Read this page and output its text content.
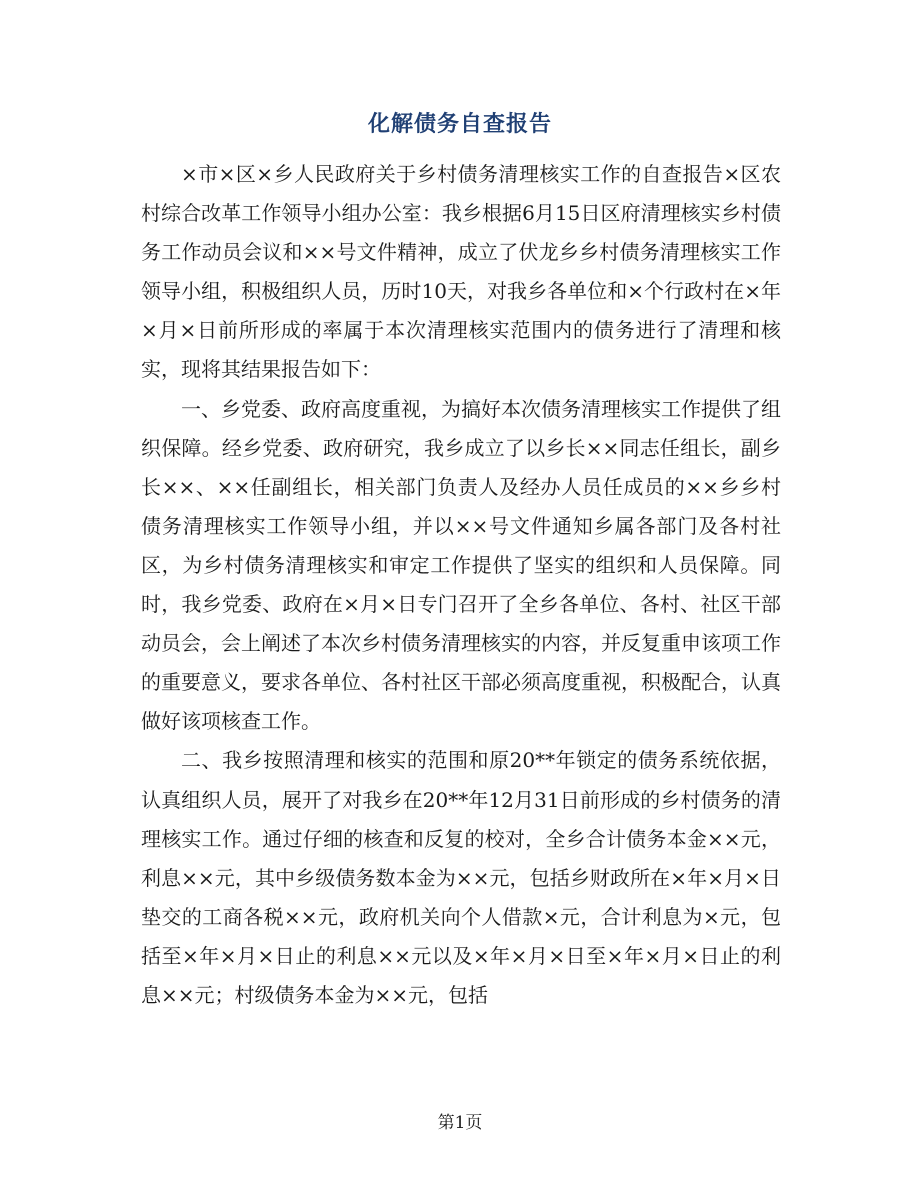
化解债务自查报告

×市×区×乡人民政府关于乡村债务清理核实工作的自查报告×区农村综合改革工作领导小组办公室：我乡根据6月15日区府清理核实乡村债务工作动员会议和××号文件精神，成立了伏龙乡乡村债务清理核实工作领导小组，积极组织人员，历时10天，对我乡各单位和×个行政村在×年×月×日前所形成的率属于本次清理核实范围内的债务进行了清理和核实，现将其结果报告如下：

一、乡党委、政府高度重视，为搞好本次债务清理核实工作提供了组织保障。经乡党委、政府研究，我乡成立了以乡长××同志任组长，副乡长××、××任副组长，相关部门负责人及经办人员任成员的××乡乡村债务清理核实工作领导小组，并以××号文件通知乡属各部门及各村社区，为乡村债务清理核实和审定工作提供了坚实的组织和人员保障。同时，我乡党委、政府在×月×日专门召开了全乡各单位、各村、社区干部动员会，会上阐述了本次乡村债务清理核实的内容，并反复重申该项工作的重要意义，要求各单位、各村社区干部必须高度重视，积极配合，认真做好该项核查工作。

二、我乡按照清理和核实的范围和原20**年锁定的债务系统依据，认真组织人员，展开了对我乡在20**年12月31日前形成的乡村债务的清理核实工作。通过仔细的核查和反复的校对，全乡合计债务本金××元，利息××元，其中乡级债务数本金为××元，包括乡财政所在×年×月×日垫交的工商各税××元，政府机关向个人借款×元，合计利息为×元，包括至×年×月×日止的利息××元以及×年×月×日至×年×月×日止的利息××元；村级债务本金为××元，包括

第1页
